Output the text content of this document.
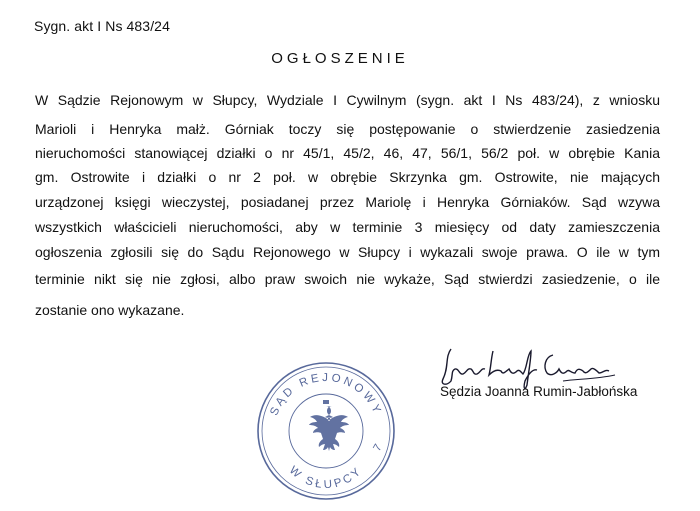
Sygn. akt I Ns 483/24
OGŁOSZENIE
W Sądzie Rejonowym w Słupcy, Wydziale I Cywilnym (sygn. akt I Ns 483/24), z wniosku
Marioli i Henryka małż. Górniak toczy się postępowanie o stwierdzenie zasiedzenia
nieruchomości stanowiącej działki o nr 45/1, 45/2, 46, 47, 56/1, 56/2 poł. w obrębie Kania
gm. Ostrowite i działki o nr 2 poł. w obrębie Skrzynka gm. Ostrowite, nie mających
urządzonej księgi wieczystej, posiadanej przez Mariolę i Henryka Górniaków. Sąd wzywa
wszystkich właścicieli nieruchomości, aby w terminie 3 miesięcy od daty zamieszczenia
ogłoszenia zgłosili się do Sądu Rejonowego w Słupcy i wykazali swoje prawa. O ile w tym
terminie nikt się nie zgłosi, albo praw swoich nie wykaże, Sąd stwierdzi zasiedzenie, o ile
zostanie ono wykazane.
Sędzia Joanna Rumin-Jabłońska
SĄD REJONOWY
W SŁUPCY
7
